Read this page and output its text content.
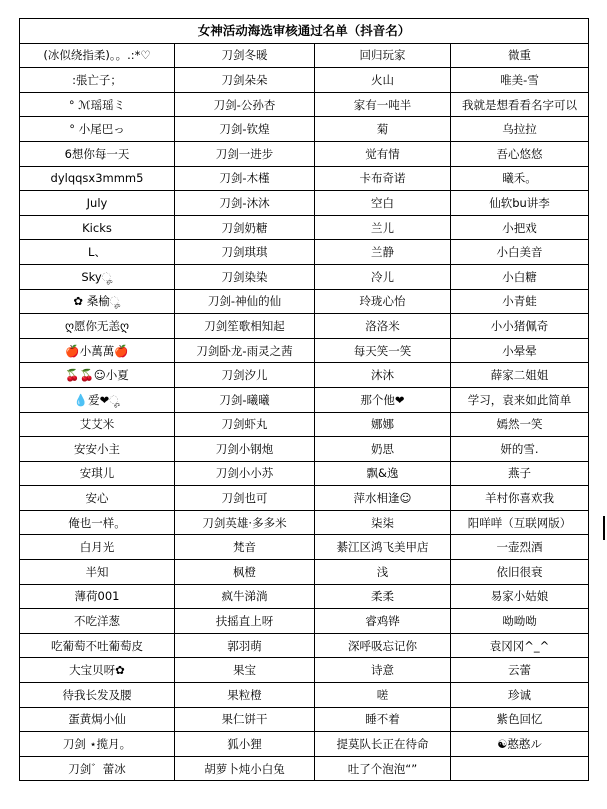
女神活动海选审核通过名单（抖音名）			
(冰似绕指柔)。。.:*♡	刀剑冬暖	回归玩家	微重
:張亡子；	刀剑朵朵	火山	唯美-雪
° ℳ瑶瑶ミ	刀剑-公孙杏	家有一吨半	我就是想看看名字可以
° 小尾巴っ	刀剑-钦煌	菊	乌拉拉
6想你每一天	刀剑一进步	觉有情	吾心悠悠
dylqqsx3mmm5	刀剑-木槿	卡布奇诺	曦禾。
July	刀剑-沐沐	空白	仙软bu讲李
Kicks	刀剑奶糖	兰儿	小把戏
L、	刀剑琪琪	兰静	小白美音
Skyೄ	刀剑染染	冷儿	小白糖
✿ 桑榆ೄ	刀剑-神仙的仙	玲珑心怡	小青蛙
ღ愿你无恙ღ	刀剑笙歌相知起	洛洛米	小小猪佩奇
🍎小萬萬🍎	刀剑卧龙-雨灵之茜	每天笑一笑	小晕晕
🍒🍒☺小夏	刀剑汐儿	沐沐	薛家二姐姐
💧爱❤ೄ	刀剑-曦曦	那个他❤	学习，袁来如此简单
艾艾米	刀剑虾丸	娜娜	嫣然一笑
安安小主	刀剑小钢炮	奶思	妍的雪.
安琪儿	刀剑小小苏	飘&逸	燕子
安心	刀剑也可	萍水相逢☺	羊村你喜欢我
俺也一样。	刀剑英雄·多多米	柒柒	阳咩咩（互联网版）
白月光	梵音	綦江区鸿飞美甲店	一壶烈酒
半知	枫橙	浅	依旧很衰
薄荷001	疯牛涕淌	柔柔	易家小姑娘
不吃洋葱	扶摇直上呀	睿鸡铧	呦呦呦
吃葡萄不吐葡萄皮	郭羽萌	深呼吸忘记你	袁冈冈^_^
大宝贝呀✿	果宝	诗意	云蕾
待我长发及腰	果粒橙	嗟	珍诚
蛋黄焗小仙	果仁饼干	睡不着	紫色回忆
刀剑 ⋆揽月。	狐小狸	提莫队长正在待命	☯憨憨ル
刀剑゛蕾冰	胡萝卜炖小白兔	吐了个泡泡“”	
